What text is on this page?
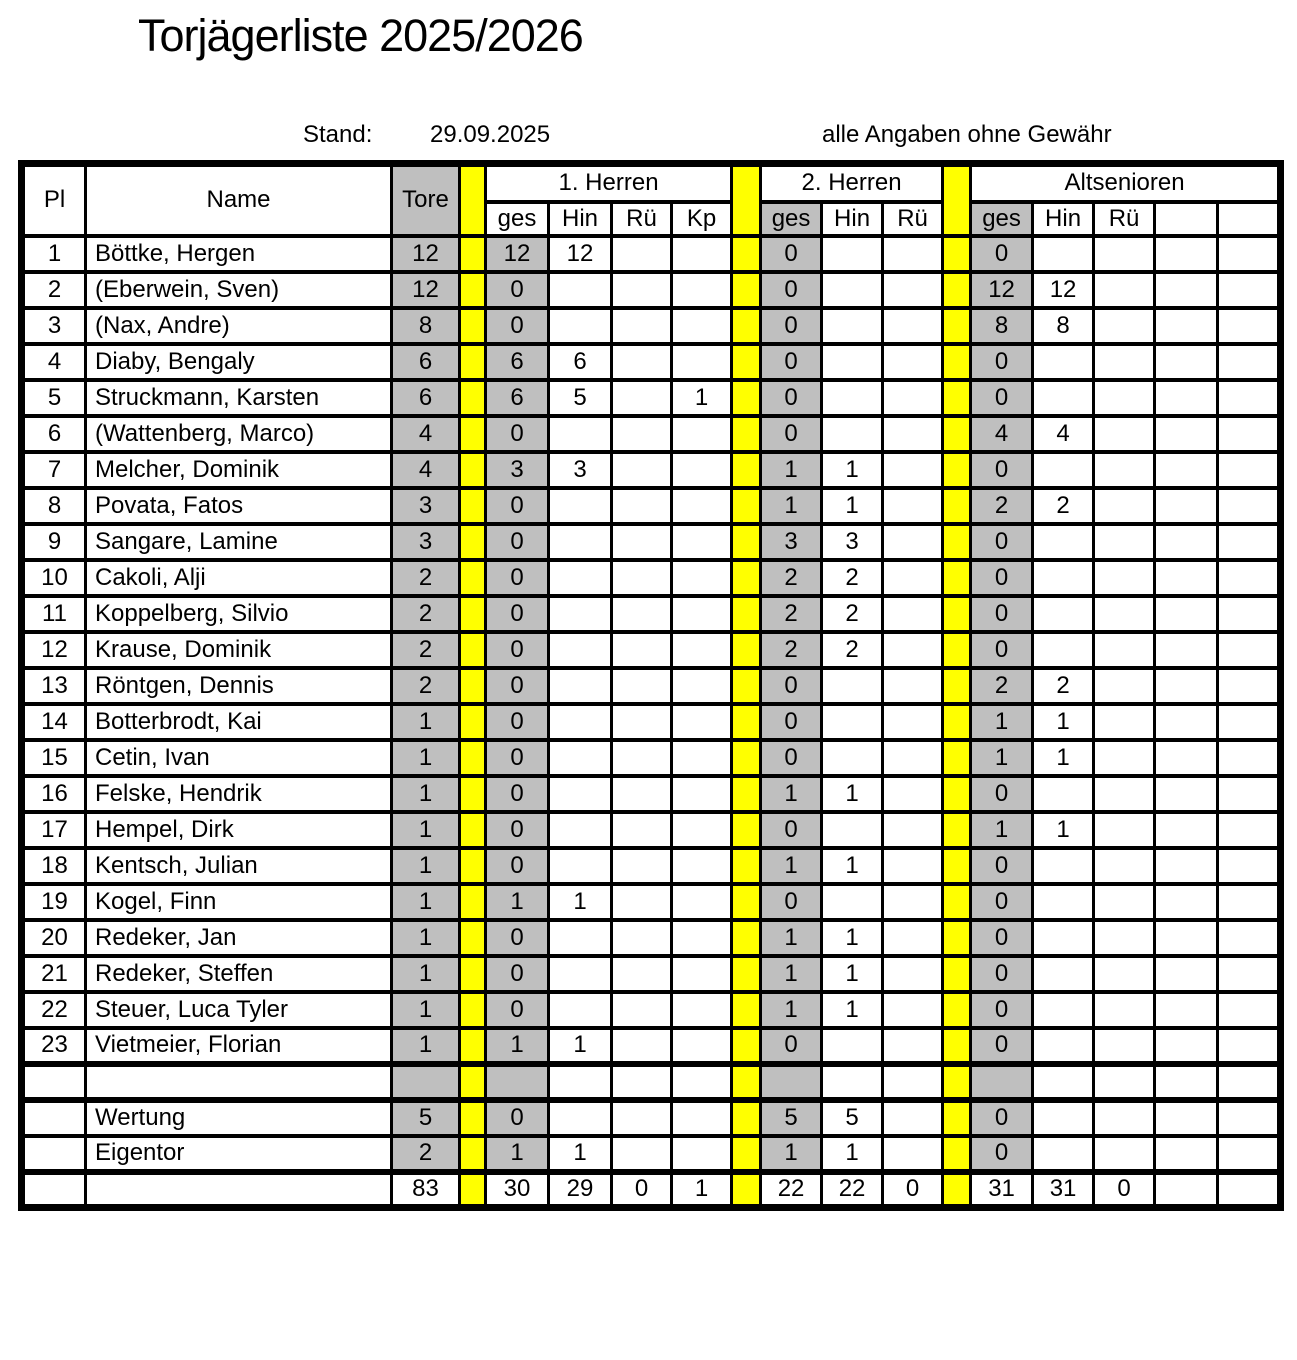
Torjägerliste 2025/2026
Stand: 29.09.2025	alle Angaben ohne Gewähr
Pl	Name	Tore		1. Herren					2. Herren				Altsenioren				
				ges	Hin	Rü	Kp		ges	Hin	Rü		ges	Hin	Rü		
1	Böttke, Hergen	12		12	12				0				0				
2	(Eberwein, Sven)	12		0					0				12	12			
3	(Nax, Andre)	8		0					0				8	8			
4	Diaby, Bengaly	6		6	6				0				0				
5	Struckmann, Karsten	6		6	5		1		0				0				
6	(Wattenberg, Marco)	4		0					0				4	4			
7	Melcher, Dominik	4		3	3				1	1			0				
8	Povata, Fatos	3		0					1	1			2	2			
9	Sangare, Lamine	3		0					3	3			0				
10	Cakoli, Alji	2		0					2	2			0				
11	Koppelberg, Silvio	2		0					2	2			0				
12	Krause, Dominik	2		0					2	2			0				
13	Röntgen, Dennis	2		0					0				2	2			
14	Botterbrodt, Kai	1		0					0				1	1			
15	Cetin, Ivan	1		0					0				1	1			
16	Felske, Hendrik	1		0					1	1			0				
17	Hempel, Dirk	1		0					0				1	1			
18	Kentsch, Julian	1		0					1	1			0				
19	Kogel, Finn	1		1	1				0				0				
20	Redeker, Jan	1		0					1	1			0				
21	Redeker, Steffen	1		0					1	1			0				
22	Steuer, Luca Tyler	1		0					1	1			0				
23	Vietmeier, Florian	1		1	1				0				0				

	Wertung	5		0					5	5			0				
	Eigentor	2		1	1				1	1			0				
		83		30	29	0	1		22	22	0		31	31	0		
